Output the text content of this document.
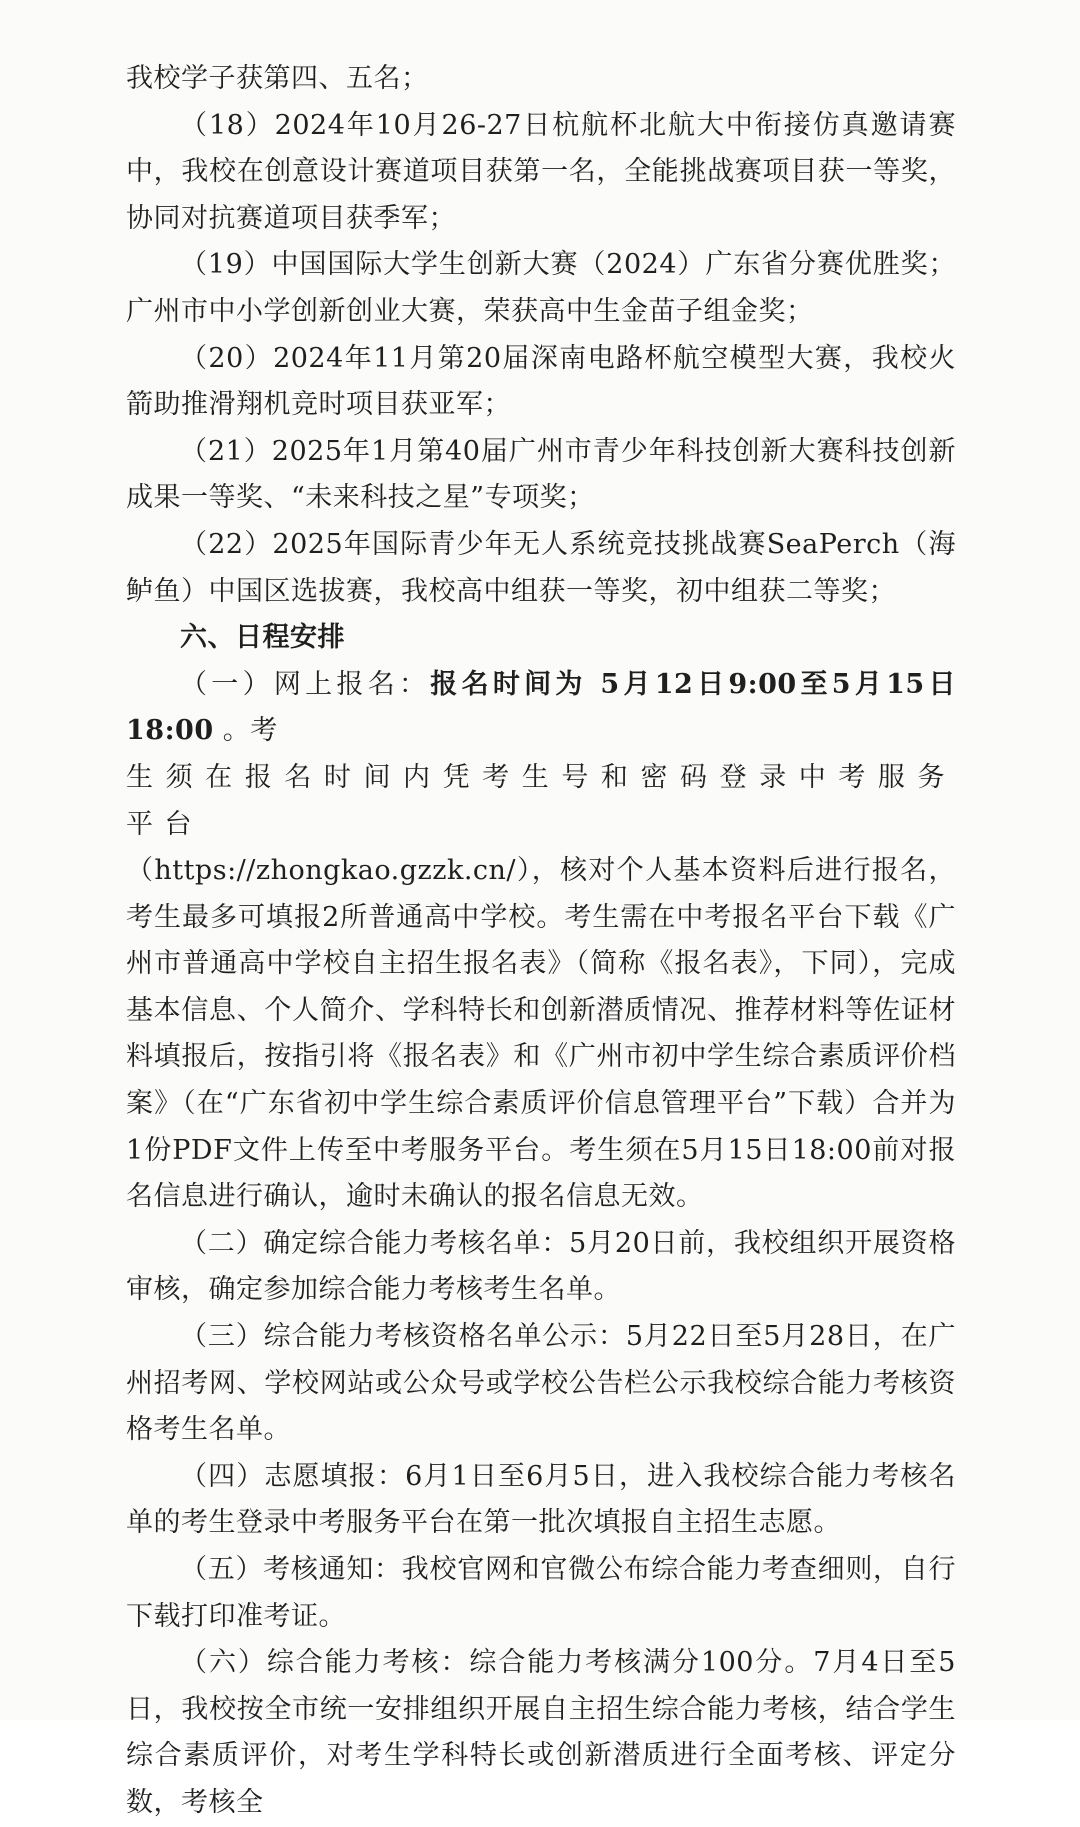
我校学子获第四、五名；

（18）2024年10月26-27日杭航杯北航大中衔接仿真邀请赛中，我校在创意设计赛道项目获第一名，全能挑战赛项目获一等奖，协同对抗赛道项目获季军；

（19）中国国际大学生创新大赛（2024）广东省分赛优胜奖；广州市中小学创新创业大赛，荣获高中生金苗子组金奖；

（20）2024年11月第20届深南电路杯航空模型大赛，我校火箭助推滑翔机竞时项目获亚军；

（21）2025年1月第40届广州市青少年科技创新大赛科技创新成果一等奖、“未来科技之星”专项奖；

（22）2025年国际青少年无人系统竞技挑战赛SeaPerch（海鲈鱼）中国区选拔赛，我校高中组获一等奖，初中组获二等奖；

六、日程安排

（一）网上报名：报名时间为 5月12日9:00至5月15日18:00 。考
生须在报名时间内凭考生号和密码登录中考服务平台
（https://zhongkao.gzzk.cn/），核对个人基本资料后进行报名，考生最多可填报2所普通高中学校。考生需在中考报名平台下载《广州市普通高中学校自主招生报名表》（简称《报名表》，下同），完成基本信息、个人简介、学科特长和创新潜质情况、推荐材料等佐证材料填报后，按指引将《报名表》和《广州市初中学生综合素质评价档案》（在“广东省初中学生综合素质评价信息管理平台”下载）合并为1份PDF文件上传至中考服务平台。考生须在5月15日18:00前对报名信息进行确认，逾时未确认的报名信息无效。

（二）确定综合能力考核名单：5月20日前，我校组织开展资格审核，确定参加综合能力考核考生名单。

（三）综合能力考核资格名单公示：5月22日至5月28日，在广州招考网、学校网站或公众号或学校公告栏公示我校综合能力考核资格考生名单。

（四）志愿填报：6月1日至6月5日，进入我校综合能力考核名单的考生登录中考服务平台在第一批次填报自主招生志愿。

（五）考核通知：我校官网和官微公布综合能力考查细则，自行下载打印准考证。

（六）综合能力考核：综合能力考核满分100分。7月4日至5日，我校按全市统一安排组织开展自主招生综合能力考核，结合学生综合素质评价，对考生学科特长或创新潜质进行全面考核、评定分数，考核全
